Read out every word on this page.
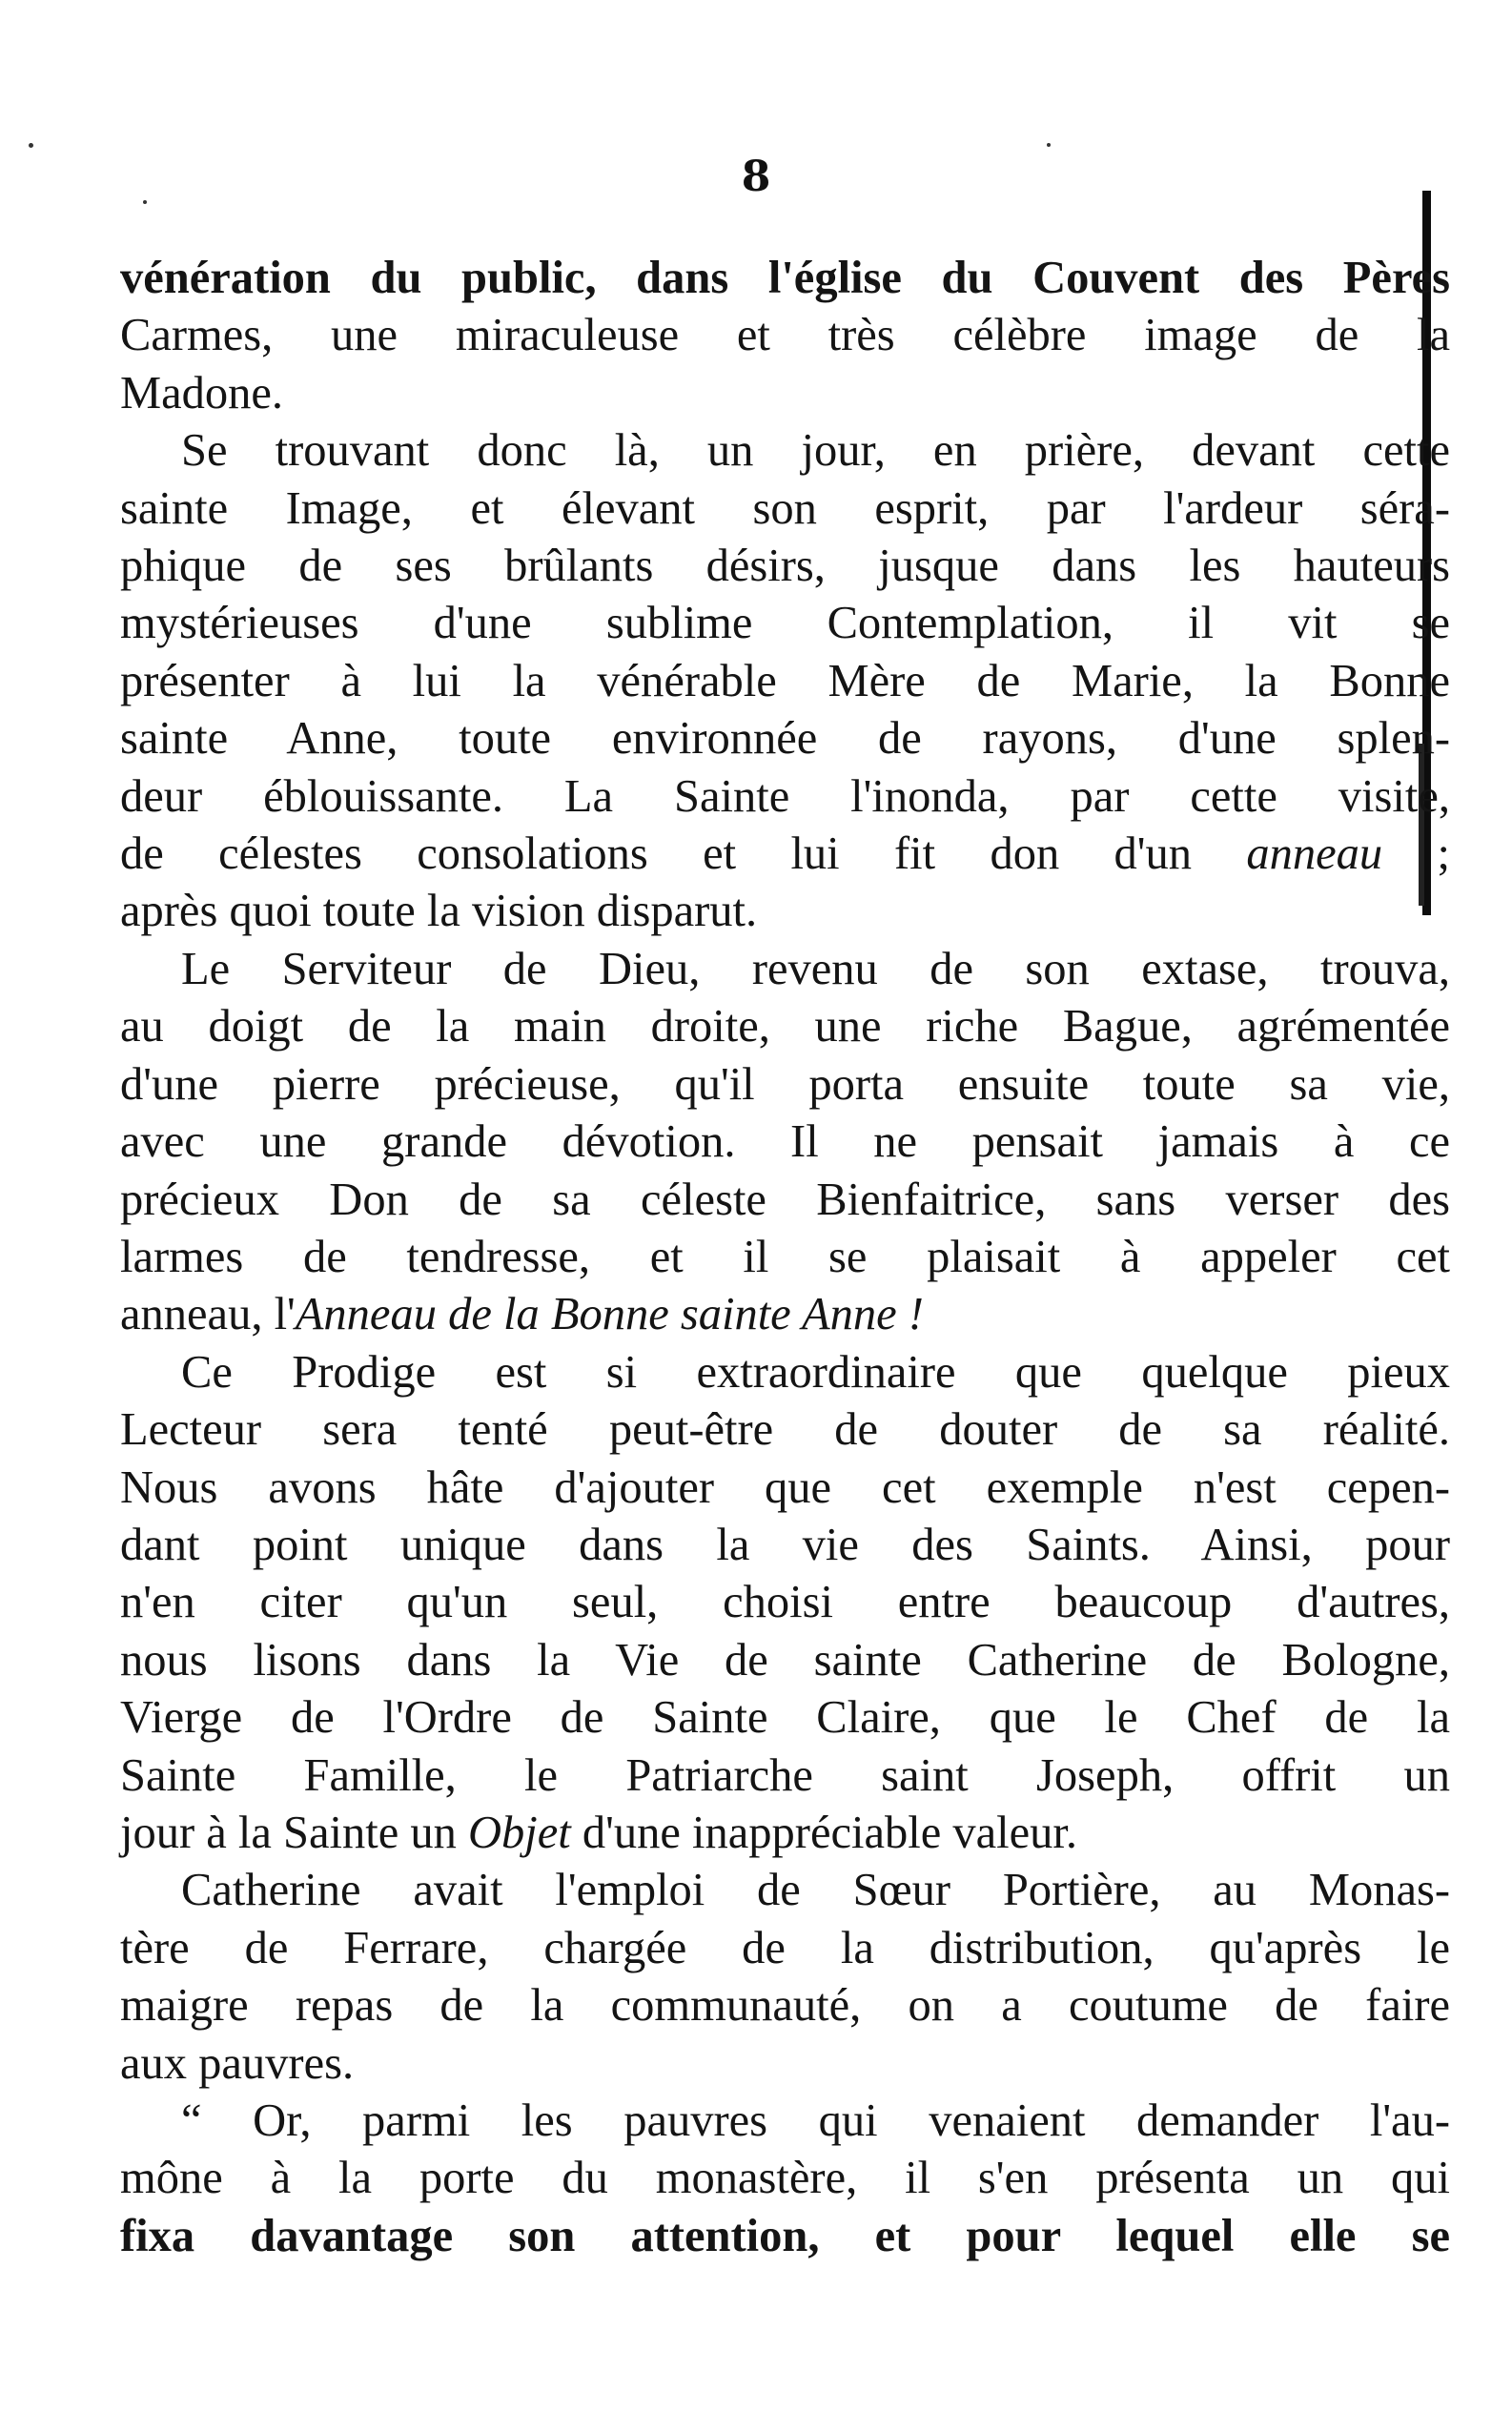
8
vénération du public, dans l'église du Couvent des Pères
Carmes, une miraculeuse et très célèbre image de la
Madone.
Se trouvant donc là, un jour, en prière, devant cette
sainte Image, et élevant son esprit, par l'ardeur séra-
phique de ses brûlants désirs, jusque dans les hauteurs
mystérieuses d'une sublime Contemplation, il vit se
présenter à lui la vénérable Mère de Marie, la Bonne
sainte Anne, toute environnée de rayons, d'une splen-
deur éblouissante. La Sainte l'inonda, par cette visite,
de célestes consolations et lui fit don d'un anneau ;
après quoi toute la vision disparut.
Le Serviteur de Dieu, revenu de son extase, trouva,
au doigt de la main droite, une riche Bague, agrémentée
d'une pierre précieuse, qu'il porta ensuite toute sa vie,
avec une grande dévotion. Il ne pensait jamais à ce
précieux Don de sa céleste Bienfaitrice, sans verser des
larmes de tendresse, et il se plaisait à appeler cet
anneau, l'Anneau de la Bonne sainte Anne !
Ce Prodige est si extraordinaire que quelque pieux
Lecteur sera tenté peut-être de douter de sa réalité.
Nous avons hâte d'ajouter que cet exemple n'est cepen-
dant point unique dans la vie des Saints. Ainsi, pour
n'en citer qu'un seul, choisi entre beaucoup d'autres,
nous lisons dans la Vie de sainte Catherine de Bologne,
Vierge de l'Ordre de Sainte Claire, que le Chef de la
Sainte Famille, le Patriarche saint Joseph, offrit un
jour à la Sainte un Objet d'une inappréciable valeur.
Catherine avait l'emploi de Sœur Portière, au Monas-
tère de Ferrare, chargée de la distribution, qu'après le
maigre repas de la communauté, on a coutume de faire
aux pauvres.
“ Or, parmi les pauvres qui venaient demander l'au-
mône à la porte du monastère, il s'en présenta un qui
fixa davantage son attention, et pour lequel elle se
